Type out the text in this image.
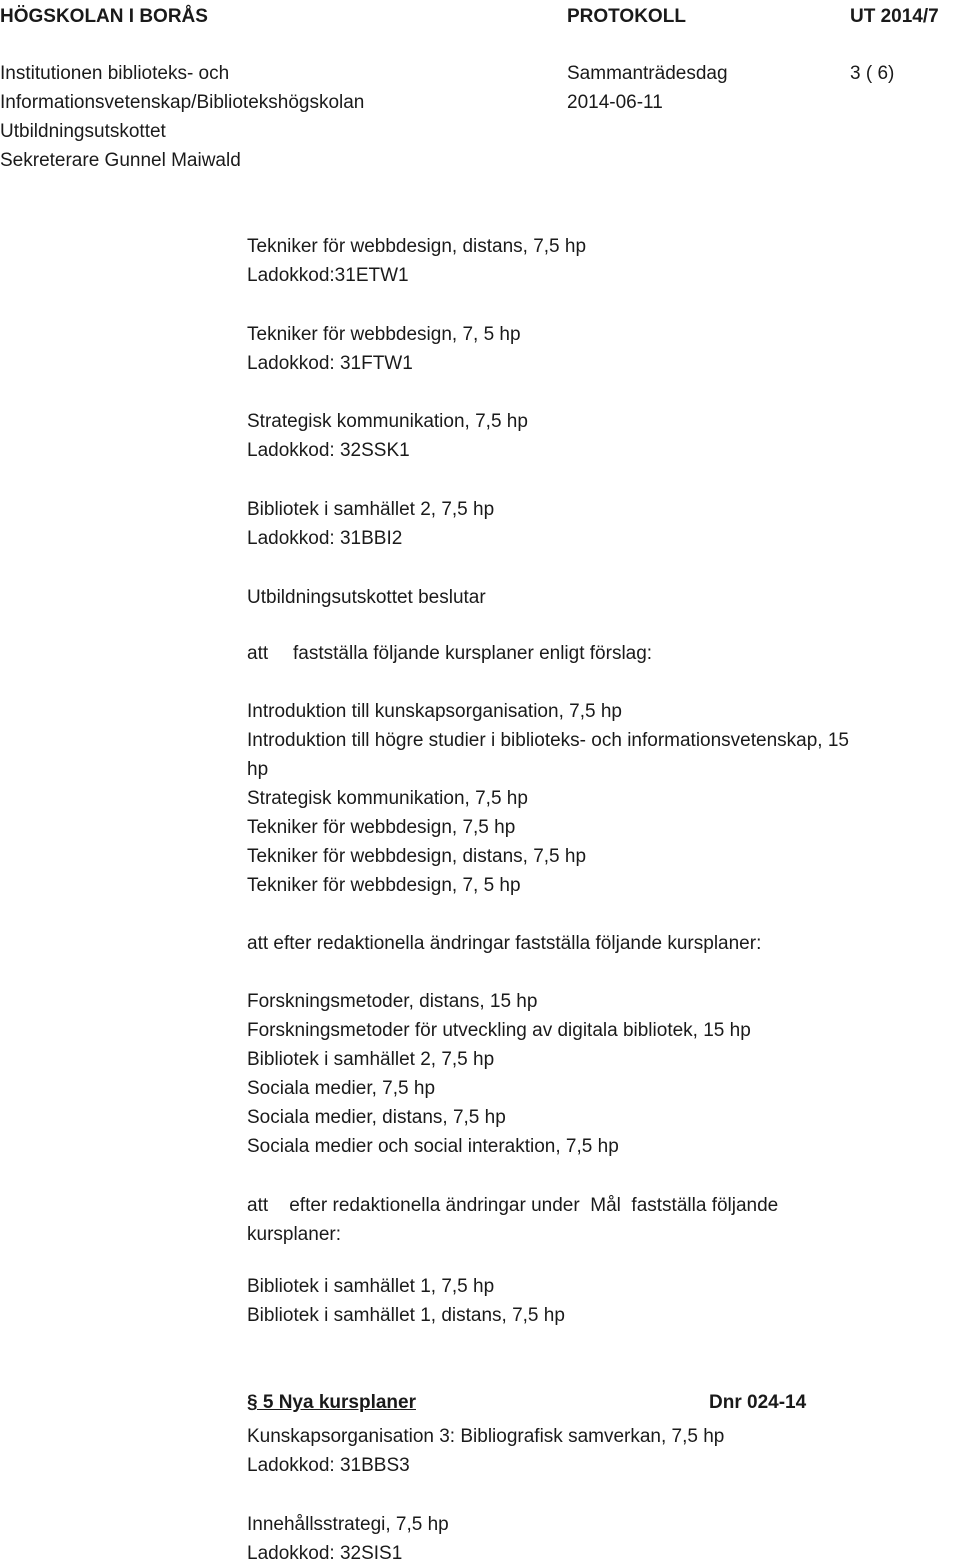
HÖGSKOLAN I BORÅS	PROTOKOLL	UT 2014/7
Institutionen biblioteks- och
Informationsvetenskap/Bibliotekshögskolan
Utbildningsutskottet
Sekreterare Gunnel Maiwald
Sammanträdesdag
2014-06-11
3 ( 6)
Tekniker för webbdesign, distans, 7,5 hp
Ladokkod:31ETW1
Tekniker för webbdesign, 7, 5 hp
Ladokkod: 31FTW1
Strategisk kommunikation, 7,5 hp
Ladokkod: 32SSK1
Bibliotek i samhället 2, 7,5 hp
Ladokkod: 31BBI2
Utbildningsutskottet beslutar
att fastställa följande kursplaner enligt förslag:
Introduktion till kunskapsorganisation, 7,5 hp
Introduktion till högre studier i biblioteks- och informationsvetenskap, 15
hp
Strategisk kommunikation, 7,5 hp
Tekniker för webbdesign, 7,5 hp
Tekniker för webbdesign, distans, 7,5 hp
Tekniker för webbdesign, 7, 5 hp
att efter redaktionella ändringar fastställa följande kursplaner:
Forskningsmetoder, distans, 15 hp
Forskningsmetoder för utveckling av digitala bibliotek, 15 hp
Bibliotek i samhället 2, 7,5 hp
Sociala medier, 7,5 hp
Sociala medier, distans, 7,5 hp
Sociala medier och social interaktion, 7,5 hp
att    efter redaktionella ändringar under  Mål  fastställa följande
kursplaner:
Bibliotek i samhället 1, 7,5 hp
Bibliotek i samhället 1, distans, 7,5 hp
§ 5 Nya kursplaner	Dnr 024-14
Kunskapsorganisation 3: Bibliografisk samverkan, 7,5 hp
Ladokkod: 31BBS3
Innehållsstrategi, 7,5 hp
Ladokkod: 32SIS1
